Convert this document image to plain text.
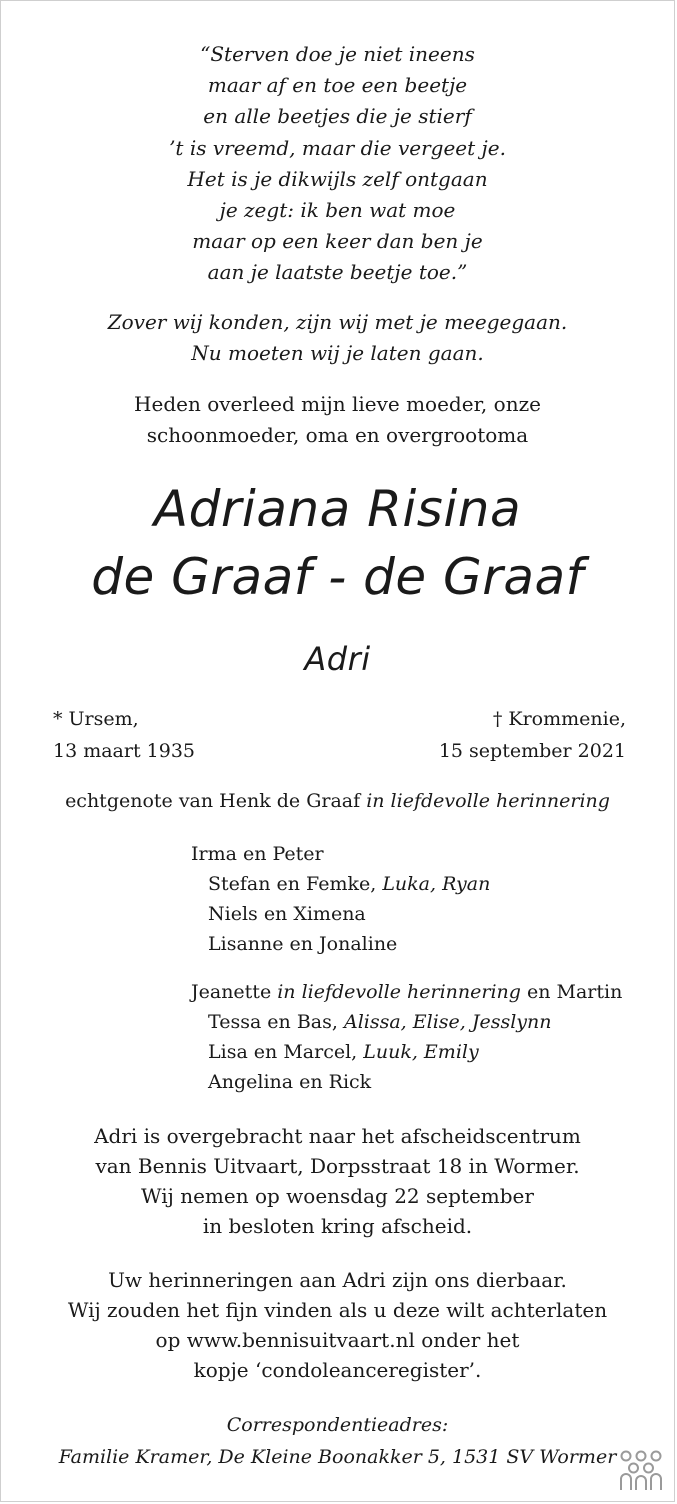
“Sterven doe je niet ineens
maar af en toe een beetje
en alle beetjes die je stierf
’t is vreemd, maar die vergeet je.
Het is je dikwijls zelf ontgaan
je zegt: ik ben wat moe
maar op een keer dan ben je
aan je laatste beetje toe.”
Zover wij konden, zijn wij met je meegegaan.
Nu moeten wij je laten gaan.
Heden overleed mijn lieve moeder, onze
schoonmoeder, oma en overgrootoma
Adriana Risina
de Graaf - de Graaf
Adri
* Ursem,
13 maart 1935
† Krommenie,
15 september 2021
echtgenote van Henk de Graaf in liefdevolle herinnering
Irma en Peter
Stefan en Femke, Luka, Ryan
Niels en Ximena
Lisanne en Jonaline
Jeanette in liefdevolle herinnering en Martin
Tessa en Bas, Alissa, Elise, Jesslynn
Lisa en Marcel, Luuk, Emily
Angelina en Rick
Adri is overgebracht naar het afscheidscentrum
van Bennis Uitvaart, Dorpsstraat 18 in Wormer.
Wij nemen op woensdag 22 september
in besloten kring afscheid.
Uw herinneringen aan Adri zijn ons dierbaar.
Wij zouden het fijn vinden als u deze wilt achterlaten
op www.bennisuitvaart.nl onder het
kopje ‘condoleanceregister’.
Correspondentieadres:
Familie Kramer, De Kleine Boonakker 5, 1531 SV Wormer
